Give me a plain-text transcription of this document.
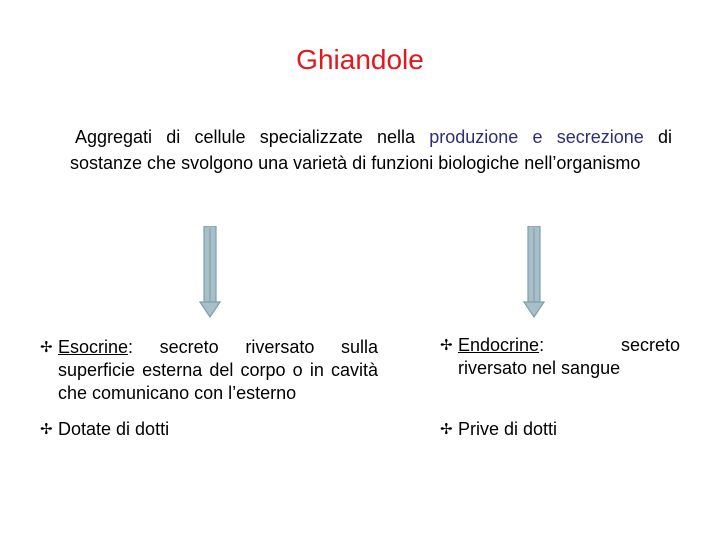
Ghiandole
Aggregati di cellule specializzate nella produzione e secrezione di sostanze che svolgono una varietà di funzioni biologiche nell’organismo
✢ Esocrine: secreto riversato sulla superficie esterna del corpo o in cavità che comunicano con l’esterno
✢ Dotate di dotti
✢ Endocrine: secreto riversato nel sangue
✢ Prive di dotti
